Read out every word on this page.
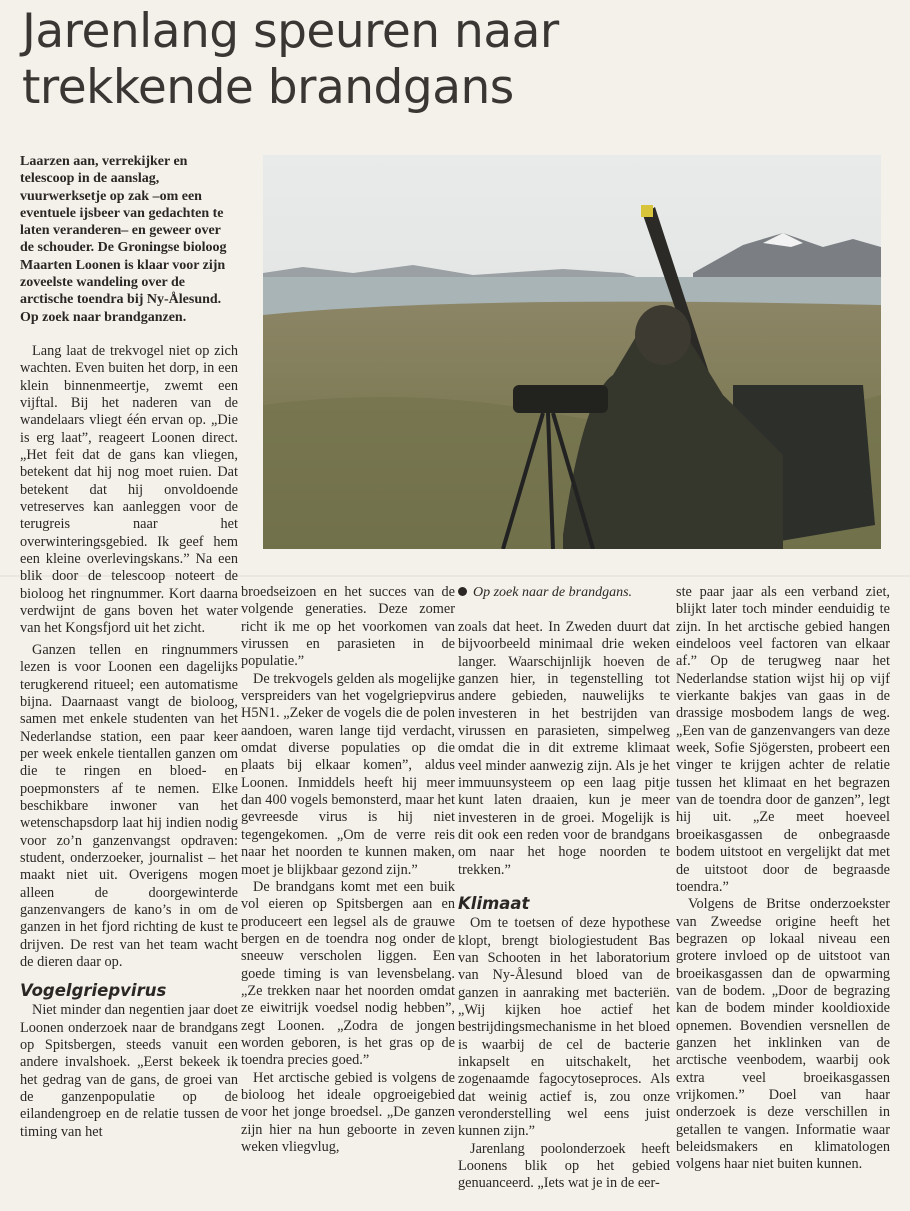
Jarenlang speuren naar
trekkende brandgans
Op zoek naar de brandgans.

Laarzen aan, verrekijker en telescoop in de aanslag, vuurwerksetje op zak –om een eventuele ijsbeer van gedachten te laten veranderen– en geweer over de schouder. De Groningse bioloog Maarten Loonen is klaar voor zijn zoveelste wandeling over de arctische toendra bij Ny-Ålesund. Op zoek naar brandganzen.

Lang laat de trekvogel niet op zich wachten. Even buiten het dorp, in een klein binnenmeertje, zwemt een vijftal. Bij het naderen van de wandelaars vliegt één ervan op. „Die is erg laat”, reageert Loonen direct. „Het feit dat de gans kan vliegen, betekent dat hij nog moet ruien. Dat betekent dat hij onvoldoende vetreserves kan aanleggen voor de terugreis naar het overwinteringsgebied. Ik geef hem een kleine overlevingskans.” Na een blik door de telescoop noteert de bioloog het ringnummer. Kort daarna verdwijnt de gans boven het water van het Kongsfjord uit het zicht.

Ganzen tellen en ringnummers lezen is voor Loonen een dagelijks terugkerend ritueel; een automatisme bijna. Daarnaast vangt de bioloog, samen met enkele studenten van het Nederlandse station, een paar keer per week enkele tientallen ganzen om die te ringen en bloed- en poepmonsters af te nemen. Elke beschikbare inwoner van het wetenschapsdorp laat hij indien nodig voor zo’n ganzenvangst opdraven: student, onderzoeker, journalist – het maakt niet uit. Overigens mogen alleen de doorgewinterde ganzenvangers de kano’s in om de ganzen in het fjord richting de kust te drijven. De rest van het team wacht de dieren daar op.

Vogelgriepvirus

Niet minder dan negentien jaar doet Loonen onderzoek naar de brandgans op Spitsbergen, steeds vanuit een andere invalshoek. „Eerst bekeek ik het gedrag van de gans, de groei van de ganzenpopulatie op de eilandengroep en de relatie tussen de timing van het

broedseizoen en het succes van de volgende generaties. Deze zomer richt ik me op het voorkomen van virussen en parasieten in de populatie.”

De trekvogels gelden als mogelijke verspreiders van het vogelgriepvirus H5N1. „Zeker de vogels die de polen aandoen, waren lange tijd verdacht, omdat diverse populaties op die plaats bij elkaar komen”, aldus Loonen. Inmiddels heeft hij meer dan 400 vogels bemonsterd, maar het gevreesde virus is hij niet tegengekomen. „Om de verre reis naar het noorden te kunnen maken, moet je blijkbaar gezond zijn.”

De brandgans komt met een buik vol eieren op Spitsbergen aan en produceert een legsel als de grauwe bergen en de toendra nog onder de sneeuw verscholen liggen. Een goede timing is van levensbelang. „Ze trekken naar het noorden omdat ze eiwitrijk voedsel nodig hebben”, zegt Loonen. „Zodra de jongen worden geboren, is het gras op de toendra precies goed.”

Het arctische gebied is volgens de bioloog het ideale opgroeigebied voor het jonge broedsel. „De ganzen zijn hier na hun geboorte in zeven weken vliegvlug,

zoals dat heet. In Zweden duurt dat bijvoorbeeld minimaal drie weken langer. Waarschijnlijk hoeven de ganzen hier, in tegenstelling tot andere gebieden, nauwelijks te investeren in het bestrijden van virussen en parasieten, simpelweg omdat die in dit extreme klimaat veel minder aanwezig zijn. Als je het immuunsysteem op een laag pitje kunt laten draaien, kun je meer investeren in de groei. Mogelijk is dit ook een reden voor de brandgans om naar het hoge noorden te trekken.”

Klimaat

Om te toetsen of deze hypothese klopt, brengt biologiestudent Bas van Schooten in het laboratorium van Ny-Ålesund bloed van de ganzen in aanraking met bacteriën. „Wij kijken hoe actief het bestrijdingsmechanisme in het bloed is waarbij de cel de bacterie inkapselt en uitschakelt, het zogenaamde fagocytoseproces. Als dat weinig actief is, zou onze veronderstelling wel eens juist kunnen zijn.”

Jarenlang poolonderzoek heeft Loonens blik op het gebied genuanceerd. „Iets wat je in de eer-

ste paar jaar als een verband ziet, blijkt later toch minder eenduidig te zijn. In het arctische gebied hangen eindeloos veel factoren van elkaar af.” Op de terugweg naar het Nederlandse station wijst hij op vijf vierkante bakjes van gaas in de drassige mosbodem langs de weg. „Een van de ganzenvangers van deze week, Sofie Sjögersten, probeert een vinger te krijgen achter de relatie tussen het klimaat en het begrazen van de toendra door de ganzen”, legt hij uit. „Ze meet hoeveel broeikasgassen de onbegraasde bodem uitstoot en vergelijkt dat met de uitstoot door de begraasde toendra.”

Volgens de Britse onderzoekster van Zweedse origine heeft het begrazen op lokaal niveau een grotere invloed op de uitstoot van broeikasgassen dan de opwarming van de bodem. „Door de begrazing kan de bodem minder kooldioxide opnemen. Bovendien versnellen de ganzen het inklinken van de arctische veenbodem, waarbij ook extra veel broeikasgassen vrijkomen.” Doel van haar onderzoek is deze verschillen in getallen te vangen. Informatie waar beleidsmakers en klimatologen volgens haar niet buiten kunnen.
